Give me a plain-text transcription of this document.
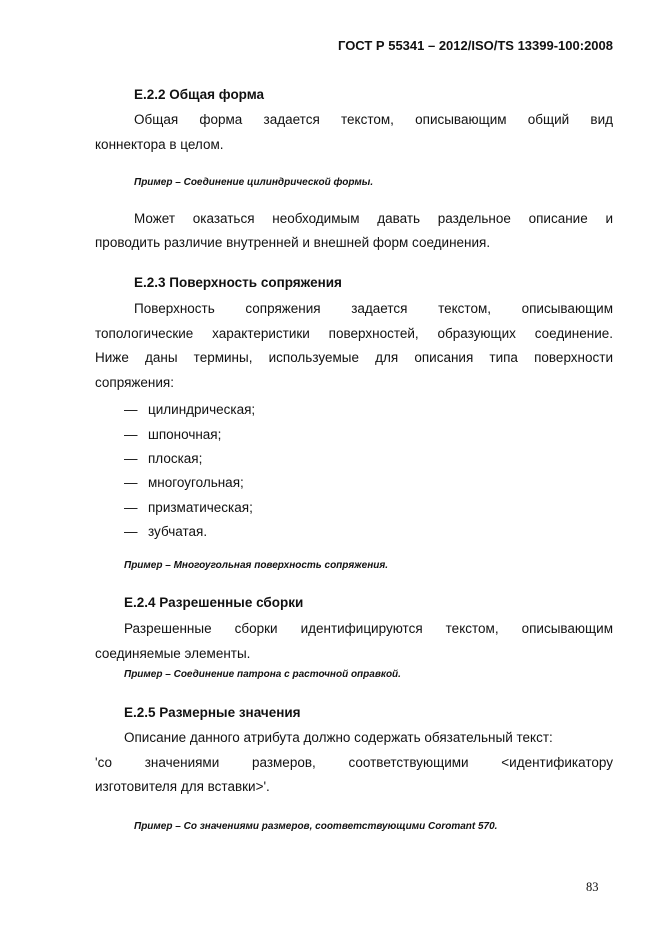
ГОСТ Р 55341 – 2012/ISO/TS 13399-100:2008
E.2.2 Общая форма
Общая форма задается текстом, описывающим общий вид
коннектора в целом.
Пример – Соединение цилиндрической формы.
Может оказаться необходимым давать раздельное описание и
проводить различие внутренней и внешней форм соединения.
E.2.3 Поверхность сопряжения
Поверхность сопряжения задается текстом, описывающим
топологические характеристики поверхностей, образующих соединение.
Ниже даны термины, используемые для описания типа поверхности
сопряжения:
— цилиндрическая;
— шпоночная;
— плоская;
— многоугольная;
— призматическая;
— зубчатая.
Пример – Многоугольная поверхность сопряжения.
E.2.4 Разрешенные сборки
Разрешенные сборки идентифицируются текстом, описывающим
соединяемые элементы.
Пример – Соединение патрона с расточной оправкой.
E.2.5 Размерные значения
Описание данного атрибута должно содержать обязательный текст:
'со значениями размеров, соответствующими <идентификатору
изготовителя для вставки>'.
Пример – Со значениями размеров, соответствующими Coromant 570.
83
